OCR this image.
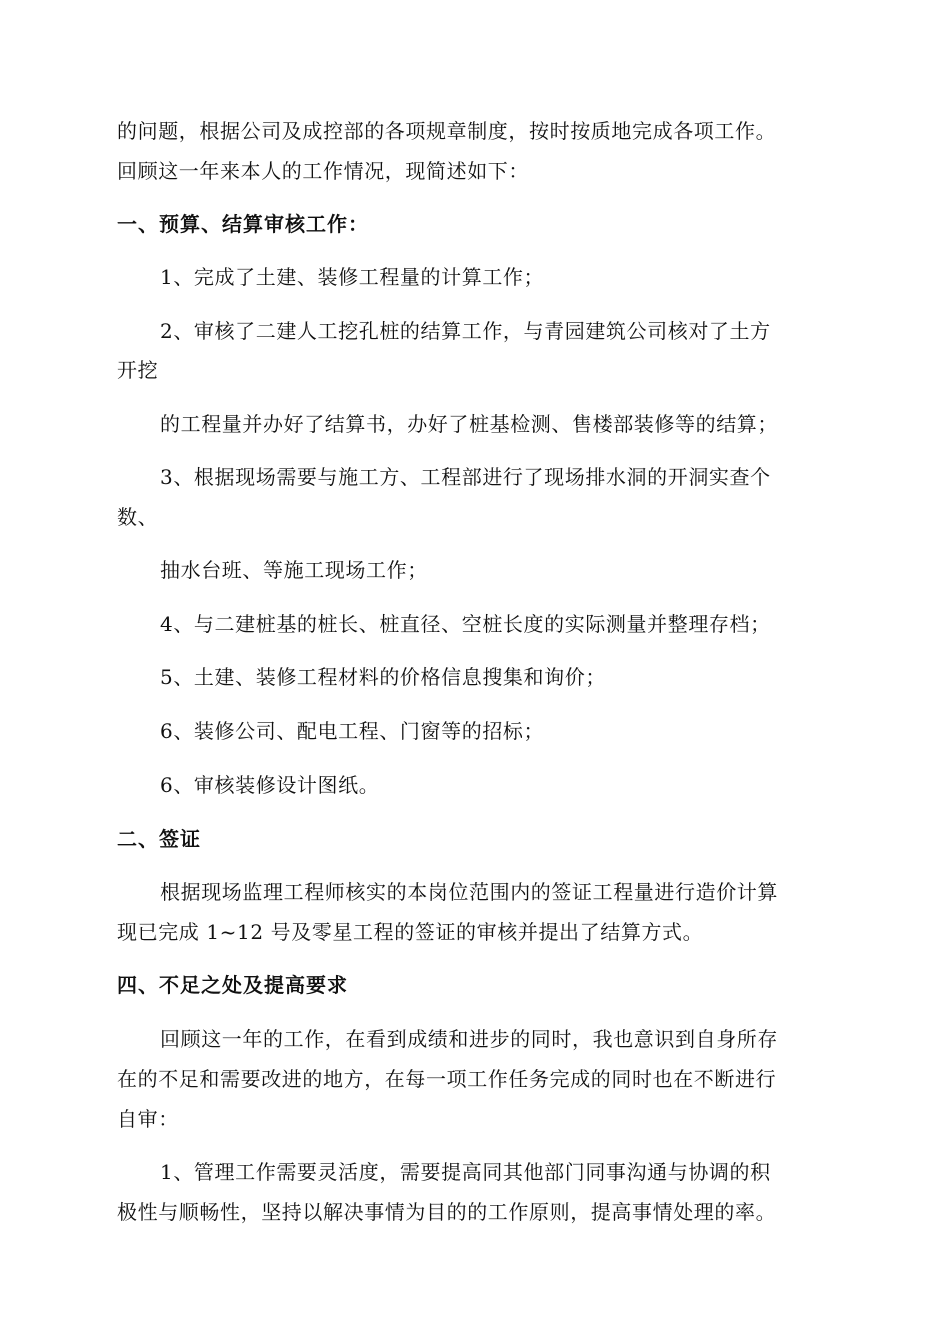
的问题，根据公司及成控部的各项规章制度，按时按质地完成各项工作。
回顾这一年来本人的工作情况，现简述如下：
一、预算、结算审核工作：
1、完成了土建、装修工程量的计算工作；
2、审核了二建人工挖孔桩的结算工作，与青园建筑公司核对了土方
开挖
的工程量并办好了结算书，办好了桩基检测、售楼部装修等的结算；
3、根据现场需要与施工方、工程部进行了现场排水洞的开洞实查个
数、
抽水台班、等施工现场工作；
4、与二建桩基的桩长、桩直径、空桩长度的实际测量并整理存档；
5、土建、装修工程材料的价格信息搜集和询价；
6、装修公司、配电工程、门窗等的招标；
6、审核装修设计图纸。
二、签证
根据现场监理工程师核实的本岗位范围内的签证工程量进行造价计算
现已完成 1~12 号及零星工程的签证的审核并提出了结算方式。
四、不足之处及提高要求
回顾这一年的工作，在看到成绩和进步的同时，我也意识到自身所存
在的不足和需要改进的地方，在每一项工作任务完成的同时也在不断进行
自审：
1、管理工作需要灵活度，需要提高同其他部门同事沟通与协调的积
极性与顺畅性，坚持以解决事情为目的的工作原则，提高事情处理的率。
